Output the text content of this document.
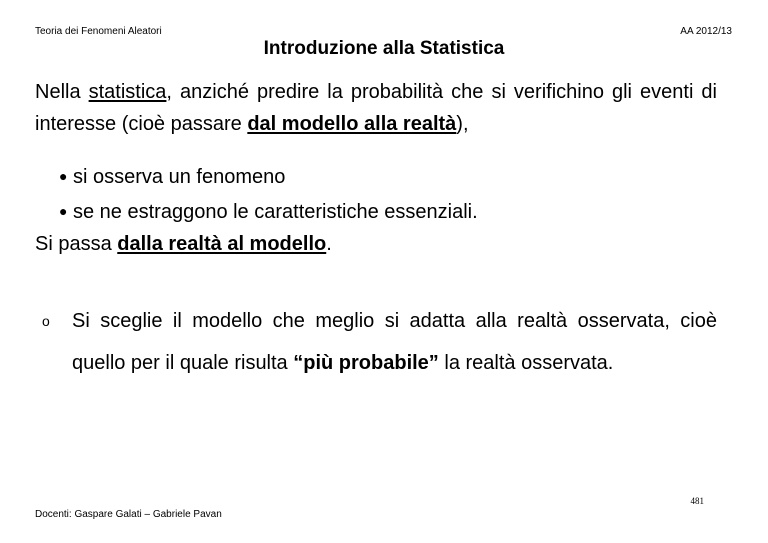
Teoria dei Fenomeni Aleatori	AA 2012/13
Introduzione alla Statistica
Nella statistica, anziché predire la probabilità che si verifichino gli eventi di interesse (cioè passare dal modello alla realtà),
● si osserva un fenomeno
● se ne estraggono le caratteristiche essenziali.
Si passa dalla realtà al modello.
o	Si sceglie il modello che meglio si adatta alla realtà osservata, cioè quello per il quale risulta “più probabile” la realtà osservata.
481
Docenti: Gaspare Galati – Gabriele Pavan
